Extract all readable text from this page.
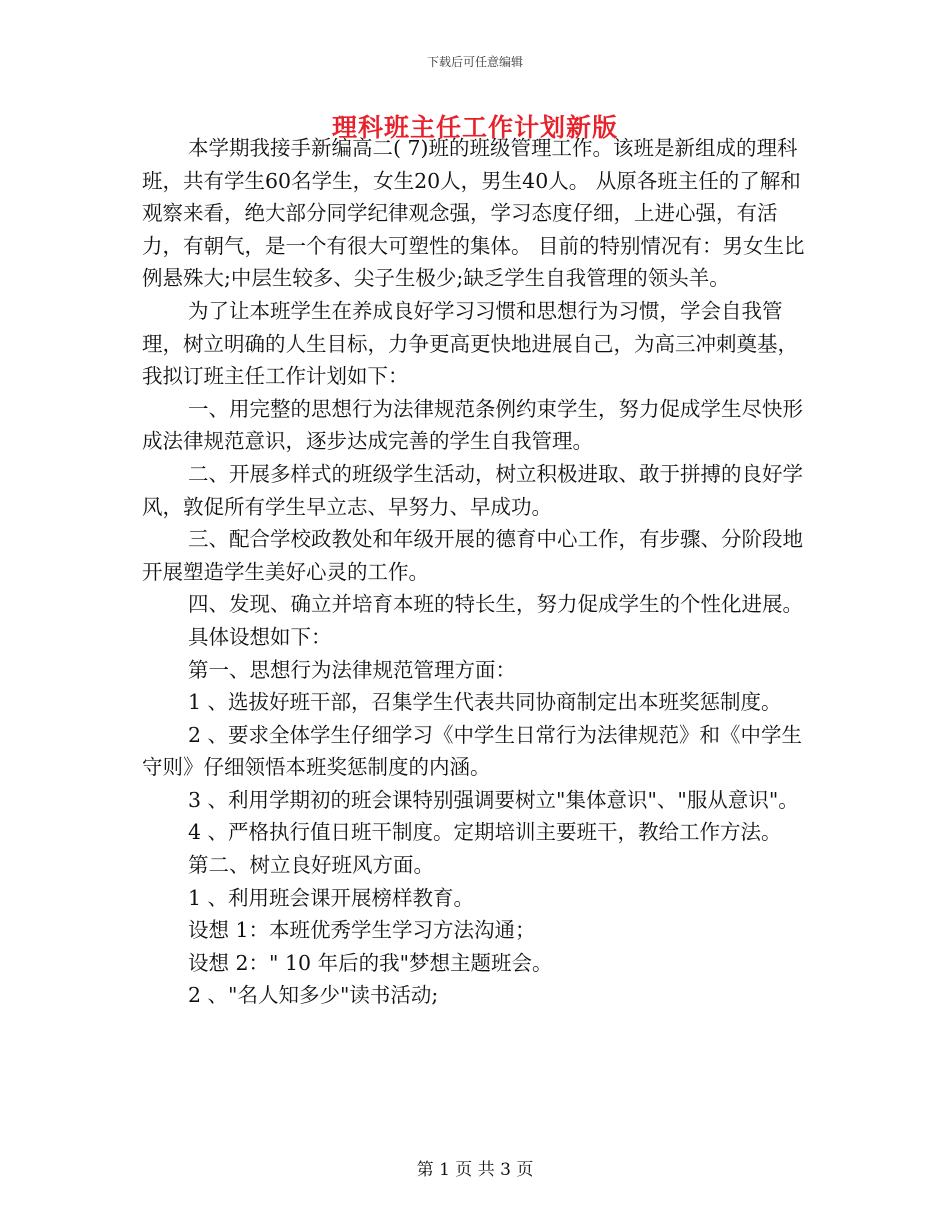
下载后可任意编辑
理科班主任工作计划新版

本学期我接手新编高二( 7)班的班级管理工作。该班是新组成的理科班，共有学生60名学生，女生20人，男生40人。 从原各班主任的了解和观察来看，绝大部分同学纪律观念强，学习态度仔细，上进心强，有活力，有朝气，是一个有很大可塑性的集体。 目前的特别情况有：男女生比例悬殊大;中层生较多、尖子生极少;缺乏学生自我管理的领头羊。

为了让本班学生在养成良好学习习惯和思想行为习惯，学会自我管理，树立明确的人生目标，力争更高更快地进展自己，为高三冲刺奠基，我拟订班主任工作计划如下：

一、用完整的思想行为法律规范条例约束学生，努力促成学生尽快形成法律规范意识，逐步达成完善的学生自我管理。

二、开展多样式的班级学生活动，树立积极进取、敢于拼搏的良好学风，敦促所有学生早立志、早努力、早成功。

三、配合学校政教处和年级开展的德育中心工作，有步骤、分阶段地开展塑造学生美好心灵的工作。

四、发现、确立并培育本班的特长生，努力促成学生的个性化进展。

具体设想如下：

第一、思想行为法律规范管理方面：

1 、选拔好班干部，召集学生代表共同协商制定出本班奖惩制度。

2 、要求全体学生仔细学习《中学生日常行为法律规范》和《中学生守则》仔细领悟本班奖惩制度的内涵。

3 、利用学期初的班会课特别强调要树立"集体意识"、"服从意识"。

4 、严格执行值日班干制度。定期培训主要班干，教给工作方法。

第二、树立良好班风方面。

1 、利用班会课开展榜样教育。

设想 1：本班优秀学生学习方法沟通；

设想 2：" 10 年后的我"梦想主题班会。

2 、"名人知多少"读书活动;

第 1 页 共 3 页
